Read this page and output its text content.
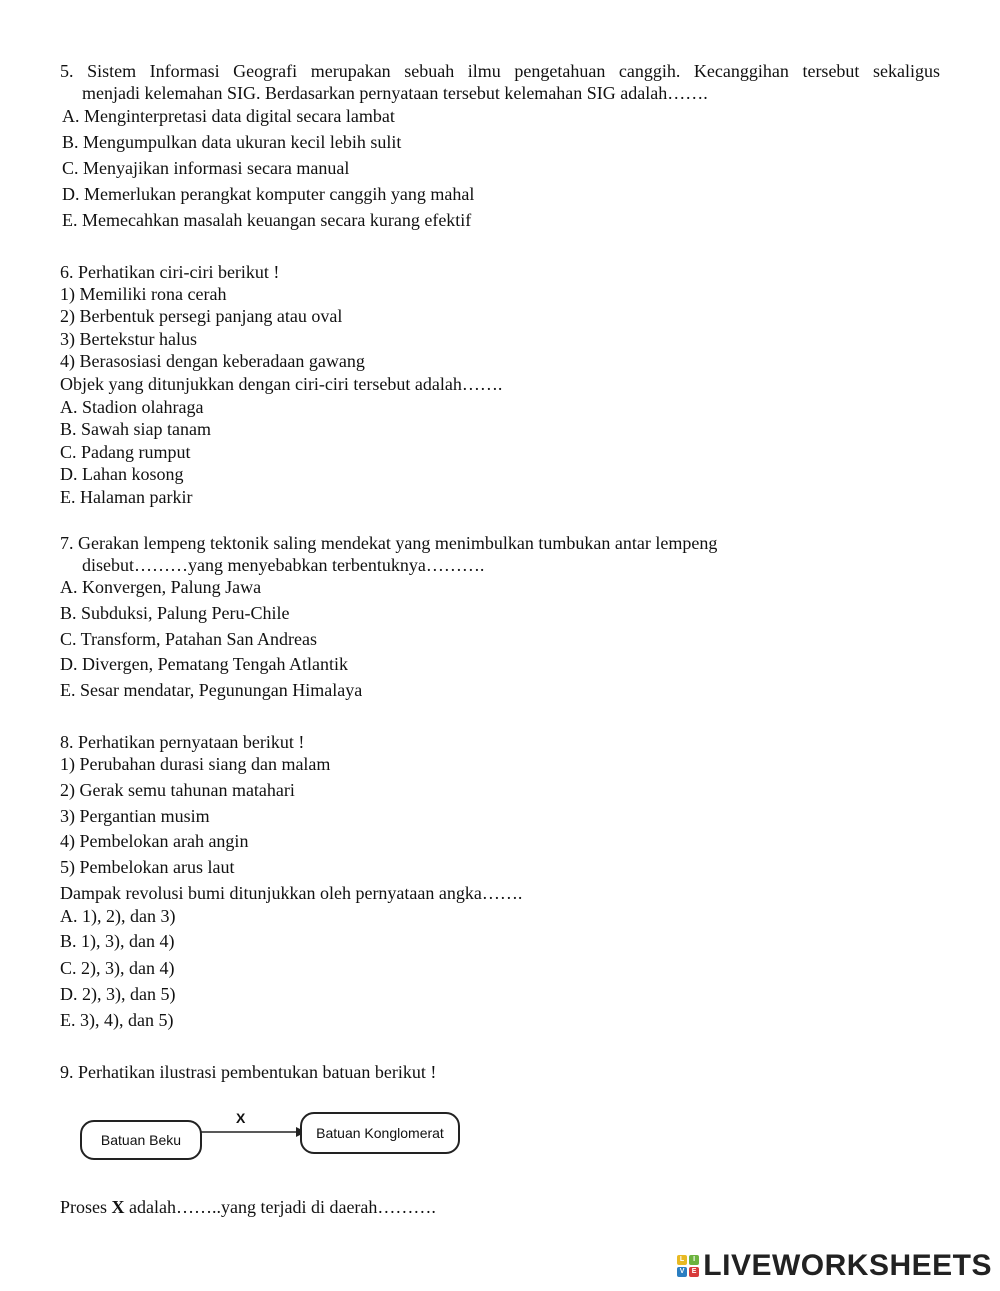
5. Sistem Informasi Geografi merupakan sebuah ilmu pengetahuan canggih. Kecanggihan tersebut sekaligus
menjadi kelemahan SIG. Berdasarkan pernyataan tersebut kelemahan SIG adalah…….
A. Menginterpretasi data digital secara lambat
B. Mengumpulkan data ukuran kecil lebih sulit
C. Menyajikan informasi secara manual
D. Memerlukan perangkat komputer canggih yang mahal
E. Memecahkan masalah keuangan secara kurang efektif
6. Perhatikan ciri-ciri berikut !
1) Memiliki rona cerah
2) Berbentuk persegi panjang atau oval
3) Bertekstur halus
4) Berasosiasi dengan keberadaan gawang
Objek yang ditunjukkan dengan ciri-ciri tersebut adalah…….
A. Stadion olahraga
B. Sawah siap tanam
C. Padang rumput
D. Lahan kosong
E. Halaman parkir
7. Gerakan lempeng tektonik saling mendekat yang menimbulkan tumbukan antar lempeng
disebut………yang menyebabkan terbentuknya……….
A. Konvergen, Palung Jawa
B. Subduksi, Palung Peru-Chile
C. Transform, Patahan San Andreas
D. Divergen, Pematang Tengah Atlantik
E. Sesar mendatar, Pegunungan Himalaya
8. Perhatikan pernyataan berikut !
1) Perubahan durasi siang dan malam
2) Gerak semu tahunan matahari
3) Pergantian musim
4) Pembelokan arah angin
5) Pembelokan arus laut
Dampak revolusi bumi ditunjukkan oleh pernyataan angka…….
A. 1), 2), dan 3)
B. 1), 3), dan 4)
C. 2), 3), dan 4)
D. 2), 3), dan 5)
E. 3), 4), dan 5)
9. Perhatikan ilustrasi pembentukan batuan berikut !
Batuan Beku
X
Batuan Konglomerat
Proses X adalah……..yang terjadi di daerah……….
L	I
V E LIVEWORKSHEETS
